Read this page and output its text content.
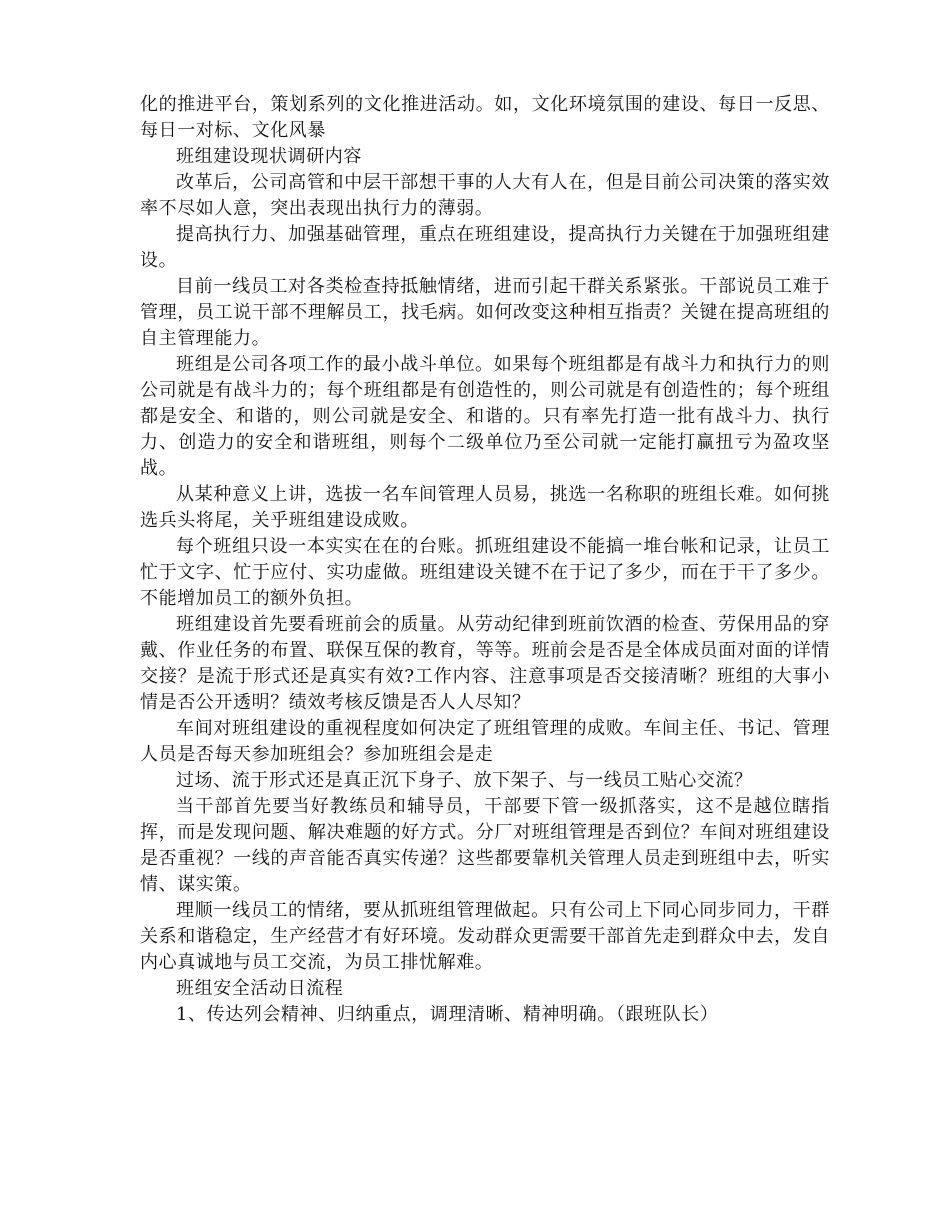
化的推进平台，策划系列的文化推进活动。如，文化环境氛围的建设、每日一反思、每日一对标、文化风暴

班组建设现状调研内容

改革后，公司高管和中层干部想干事的人大有人在，但是目前公司决策的落实效率不尽如人意，突出表现出执行力的薄弱。

提高执行力、加强基础管理，重点在班组建设，提高执行力关键在于加强班组建设。

目前一线员工对各类检查持抵触情绪，进而引起干群关系紧张。干部说员工难于管理，员工说干部不理解员工，找毛病。如何改变这种相互指责？关键在提高班组的自主管理能力。

班组是公司各项工作的最小战斗单位。如果每个班组都是有战斗力和执行力的则公司就是有战斗力的；每个班组都是有创造性的，则公司就是有创造性的；每个班组都是安全、和谐的，则公司就是安全、和谐的。只有率先打造一批有战斗力、执行力、创造力的安全和谐班组，则每个二级单位乃至公司就一定能打赢扭亏为盈攻坚战。

从某种意义上讲，选拔一名车间管理人员易，挑选一名称职的班组长难。如何挑选兵头将尾，关乎班组建设成败。

每个班组只设一本实实在在的台账。抓班组建设不能搞一堆台帐和记录，让员工忙于文字、忙于应付、实功虚做。班组建设关键不在于记了多少，而在于干了多少。不能增加员工的额外负担。

班组建设首先要看班前会的质量。从劳动纪律到班前饮酒的检查、劳保用品的穿戴、作业任务的布置、联保互保的教育，等等。班前会是否是全体成员面对面的详情交接？是流于形式还是真实有效?工作内容、注意事项是否交接清晰？班组的大事小情是否公开透明？绩效考核反馈是否人人尽知？

车间对班组建设的重视程度如何决定了班组管理的成败。车间主任、书记、管理人员是否每天参加班组会？参加班组会是走

过场、流于形式还是真正沉下身子、放下架子、与一线员工贴心交流？

当干部首先要当好教练员和辅导员，干部要下管一级抓落实，这不是越位瞎指挥，而是发现问题、解决难题的好方式。分厂对班组管理是否到位？车间对班组建设是否重视？一线的声音能否真实传递？这些都要靠机关管理人员走到班组中去，听实情、谋实策。

理顺一线员工的情绪，要从抓班组管理做起。只有公司上下同心同步同力，干群关系和谐稳定，生产经营才有好环境。发动群众更需要干部首先走到群众中去，发自内心真诚地与员工交流，为员工排忧解难。

班组安全活动日流程

1、传达列会精神、归纳重点，调理清晰、精神明确。（跟班队长）
